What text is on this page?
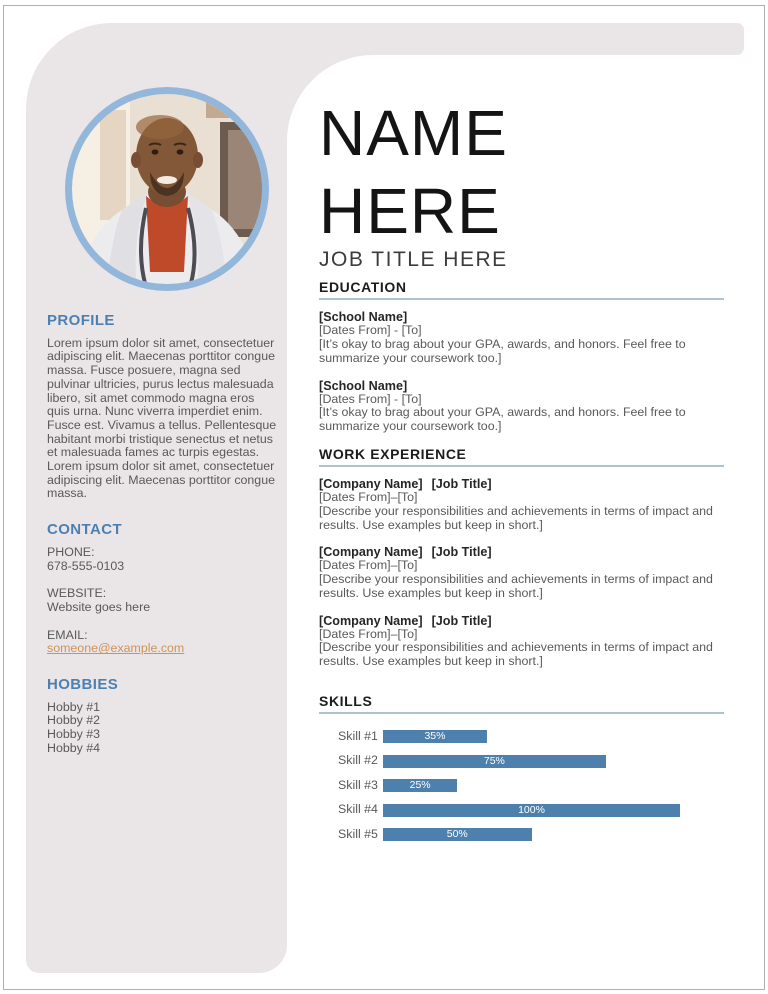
PROFILE

Lorem ipsum dolor sit amet, consectetuer adipiscing elit. Maecenas porttitor congue massa. Fusce posuere, magna sed pulvinar ultricies, purus lectus malesuada libero, sit amet commodo magna eros quis urna. Nunc viverra imperdiet enim. Fusce est. Vivamus a tellus. Pellentesque habitant morbi tristique senectus et netus et malesuada fames ac turpis egestas. Lorem ipsum dolor sit amet, consectetuer adipiscing elit. Maecenas porttitor congue massa.

CONTACT
PHONE:
678-555-0103
WEBSITE:
Website goes here
EMAIL:
someone@example.com
HOBBIES
Hobby #1
Hobby #2
Hobby #3
Hobby #4
NAME
HERE
JOB TITLE HERE
EDUCATION
[School Name]
[Dates From] - [To]
[It’s okay to brag about your GPA, awards, and honors. Feel free to summarize your coursework too.]
[School Name]
[Dates From] - [To]
[It’s okay to brag about your GPA, awards, and honors. Feel free to summarize your coursework too.]
WORK EXPERIENCE
[Company Name] [Job Title]
[Dates From]–[To]
[Describe your responsibilities and achievements in terms of impact and results. Use examples but keep in short.]
[Company Name] [Job Title]
[Dates From]–[To]
[Describe your responsibilities and achievements in terms of impact and results. Use examples but keep in short.]
[Company Name] [Job Title]
[Dates From]–[To]
[Describe your responsibilities and achievements in terms of impact and results. Use examples but keep in short.]
SKILLS
Skill #1	35%
Skill #2	75%
Skill #3	25%
Skill #4	100%
Skill #5	50%
